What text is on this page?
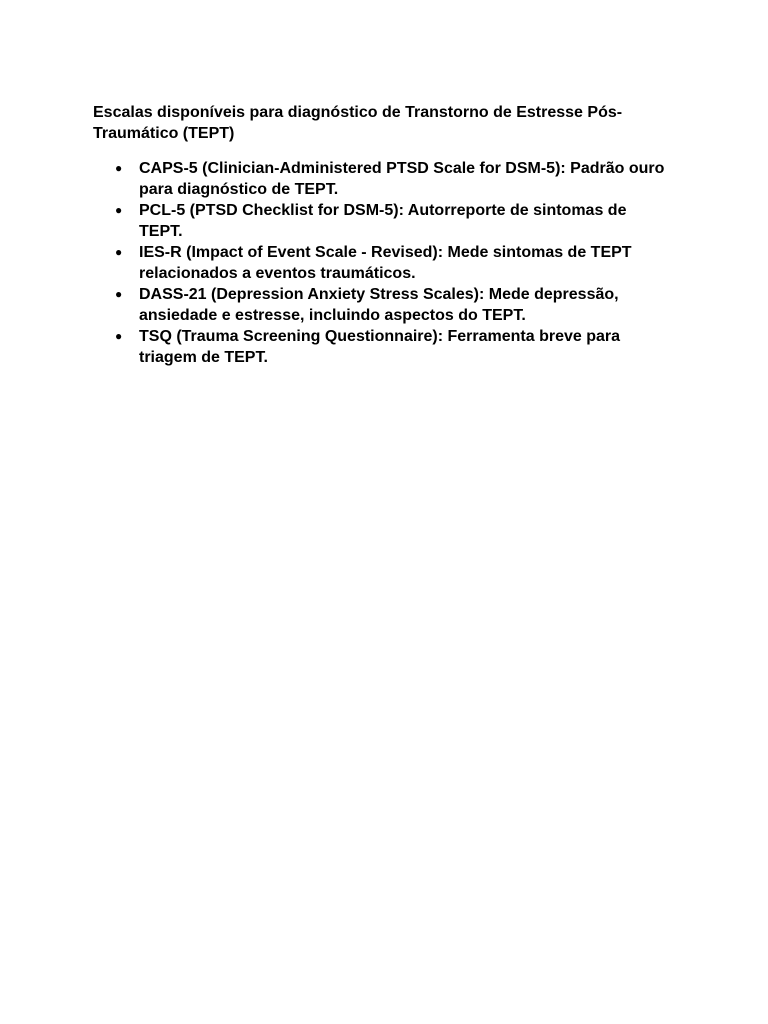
Escalas disponíveis para diagnóstico de Transtorno de Estresse Pós-Traumático (TEPT)

● CAPS-5 (Clinician-Administered PTSD Scale for DSM-5): Padrão ouro para diagnóstico de TEPT.
● PCL-5 (PTSD Checklist for DSM-5): Autorreporte de sintomas de TEPT.
● IES-R (Impact of Event Scale - Revised): Mede sintomas de TEPT relacionados a eventos traumáticos.
● DASS-21 (Depression Anxiety Stress Scales): Mede depressão, ansiedade e estresse, incluindo aspectos do TEPT.
● TSQ (Trauma Screening Questionnaire): Ferramenta breve para triagem de TEPT.
